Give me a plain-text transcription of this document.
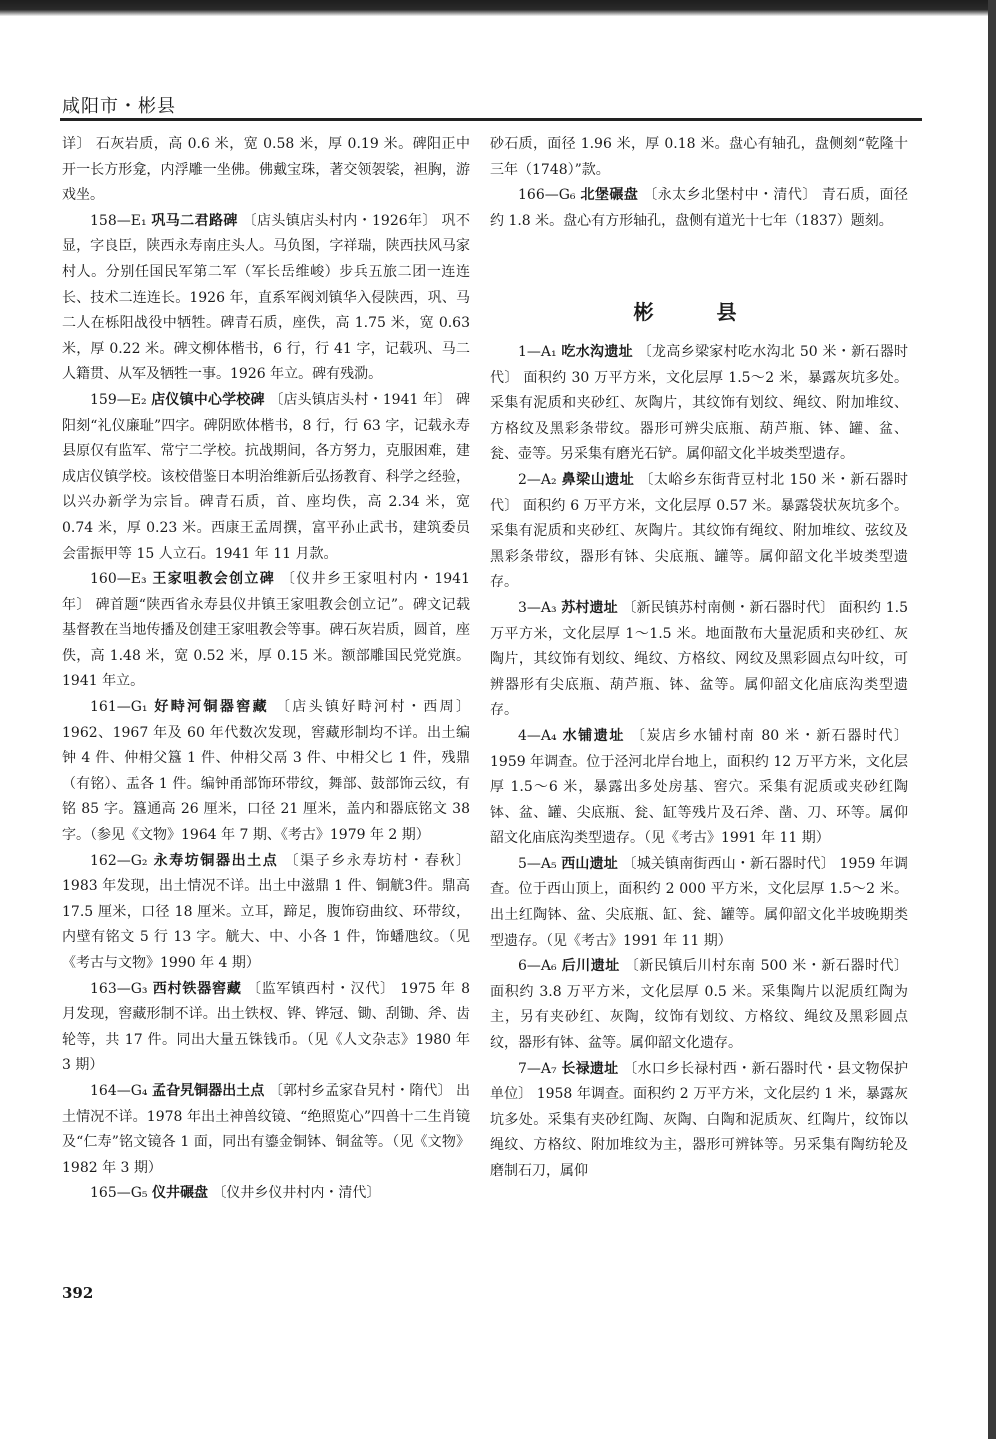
咸阳市・彬县

详〕 石灰岩质，高 0.6 米，宽 0.58 米，厚 0.19 米。碑阳正中开一长方形龛，内浮雕一坐佛。佛戴宝珠，著交领袈裟，袒胸，游戏坐。

158—E₁ 巩马二君路碑 〔店头镇店头村内・1926年〕 巩不显，字良臣，陕西永寿南庄头人。马负图，字祥瑞，陕西扶风马家村人。分别任国民军第二军（军长岳维峻）步兵五旅二团一连连长、技术二连连长。1926 年，直系军阀刘镇华入侵陕西，巩、马二人在栎阳战役中牺牲。碑青石质，座佚，高 1.75 米，宽 0.63 米，厚 0.22 米。碑文柳体楷书，6 行，行 41 字，记载巩、马二人籍贯、从军及牺牲一事。1926 年立。碑有残泐。

159—E₂ 店仪镇中心学校碑 〔店头镇店头村・1941 年〕 碑阳刻“礼仪廉耻”四字。碑阴欧体楷书，8 行，行 63 字，记载永寿县原仅有监军、常宁二学校。抗战期间，各方努力，克服困难，建成店仪镇学校。该校借鉴日本明治维新后弘扬教育、科学之经验，以兴办新学为宗旨。碑青石质，首、座均佚，高 2.34 米，宽 0.74 米，厚 0.23 米。西康王孟周撰，富平孙止武书，建筑委员会雷振甲等 15 人立石。1941 年 11 月款。

160—E₃ 王家咀教会创立碑 〔仪井乡王家咀村内・1941 年〕 碑首题“陕西省永寿县仪井镇王家咀教会创立记”。碑文记载基督教在当地传播及创建王家咀教会等事。碑石灰岩质，圆首，座佚，高 1.48 米，宽 0.52 米，厚 0.15 米。额部雕国民党党旗。1941 年立。

161—G₁ 好畤河铜器窖藏 〔店头镇好畤河村・西周〕 1962、1967 年及 60 年代数次发现，窖藏形制均不详。出土编钟 4 件、仲枏父簋 1 件、仲枏父鬲 3 件、中枏父匕 1 件，残鼎（有铭）、盂各 1 件。编钟甬部饰环带纹，舞部、鼓部饰云纹，有铭 85 字。簋通高 26 厘米，口径 21 厘米，盖内和器底铭文 38 字。（参见《文物》1964 年 7 期、《考古》1979 年 2 期）

162—G₂ 永寿坊铜器出土点 〔渠子乡永寿坊村・春秋〕 1983 年发现，出土情况不详。出土中滋鼎 1 件、铜觥3件。鼎高 17.5 厘米，口径 18 厘米。立耳，蹄足，腹饰窃曲纹、环带纹，内壁有铭文 5 行 13 字。觥大、中、小各 1 件，饰蟠虺纹。（见《考古与文物》1990 年 4 期）

163—G₃ 西村铁器窖藏 〔监军镇西村・汉代〕 1975 年 8 月发现，窖藏形制不详。出土铁杈、铧、铧冠、锄、刮锄、斧、齿轮等，共 17 件。同出大量五铢钱币。（见《人文杂志》1980 年 3 期）

164—G₄ 孟旮旯铜器出土点 〔郭村乡孟家旮旯村・隋代〕 出土情况不详。1978 年出土神兽纹镜、“绝照览心”四兽十二生肖镜及“仁寿”铭文镜各 1 面，同出有鎏金铜钵、铜盆等。（见《文物》1982 年 3 期）

165—G₅ 仪井碾盘 〔仪井乡仪井村内・清代〕

砂石质，面径 1.96 米，厚 0.18 米。盘心有轴孔，盘侧刻“乾隆十三年（1748）”款。

166—G₆ 北堡碾盘 〔永太乡北堡村中・清代〕 青石质，面径约 1.8 米。盘心有方形轴孔，盘侧有道光十七年（1837）题刻。

彬 县

1—A₁ 吃水沟遗址 〔龙高乡梁家村吃水沟北 50 米・新石器时代〕 面积约 30 万平方米，文化层厚 1.5～2 米，暴露灰坑多处。采集有泥质和夹砂红、灰陶片，其纹饰有划纹、绳纹、附加堆纹、方格纹及黑彩条带纹。器形可辨尖底瓶、葫芦瓶、钵、罐、盆、瓮、壶等。另采集有磨光石铲。属仰韶文化半坡类型遗存。

2—A₂ 鼻梁山遗址 〔太峪乡东街背豆村北 150 米・新石器时代〕 面积约 6 万平方米，文化层厚 0.57 米。暴露袋状灰坑多个。采集有泥质和夹砂红、灰陶片。其纹饰有绳纹、附加堆纹、弦纹及黑彩条带纹，器形有钵、尖底瓶、罐等。属仰韶文化半坡类型遗存。

3—A₃ 苏村遗址 〔新民镇苏村南侧・新石器时代〕 面积约 1.5 万平方米，文化层厚 1～1.5 米。地面散布大量泥质和夹砂红、灰陶片，其纹饰有划纹、绳纹、方格纹、网纹及黑彩圆点勾叶纹，可辨器形有尖底瓶、葫芦瓶、钵、盆等。属仰韶文化庙底沟类型遗存。

4—A₄ 水铺遗址 〔炭店乡水铺村南 80 米・新石器时代〕 1959 年调查。位于泾河北岸台地上，面积约 12 万平方米，文化层厚 1.5～6 米，暴露出多处房基、窖穴。采集有泥质或夹砂红陶钵、盆、罐、尖底瓶、瓮、缸等残片及石斧、凿、刀、环等。属仰韶文化庙底沟类型遗存。（见《考古》1991 年 11 期）

5—A₅ 西山遗址 〔城关镇南街西山・新石器时代〕 1959 年调查。位于西山顶上，面积约 2 000 平方米，文化层厚 1.5～2 米。出土红陶钵、盆、尖底瓶、缸、瓮、罐等。属仰韶文化半坡晚期类型遗存。（见《考古》1991 年 11 期）

6—A₆ 后川遗址 〔新民镇后川村东南 500 米・新石器时代〕 面积约 3.8 万平方米，文化层厚 0.5 米。采集陶片以泥质红陶为主，另有夹砂红、灰陶，纹饰有划纹、方格纹、绳纹及黑彩圆点纹，器形有钵、盆等。属仰韶文化遗存。

7—A₇ 长禄遗址 〔水口乡长禄村西・新石器时代・县文物保护单位〕 1958 年调查。面积约 2 万平方米，文化层约 1 米，暴露灰坑多处。采集有夹砂红陶、灰陶、白陶和泥质灰、红陶片，纹饰以绳纹、方格纹、附加堆纹为主，器形可辨钵等。另采集有陶纺轮及磨制石刀，属仰

392
